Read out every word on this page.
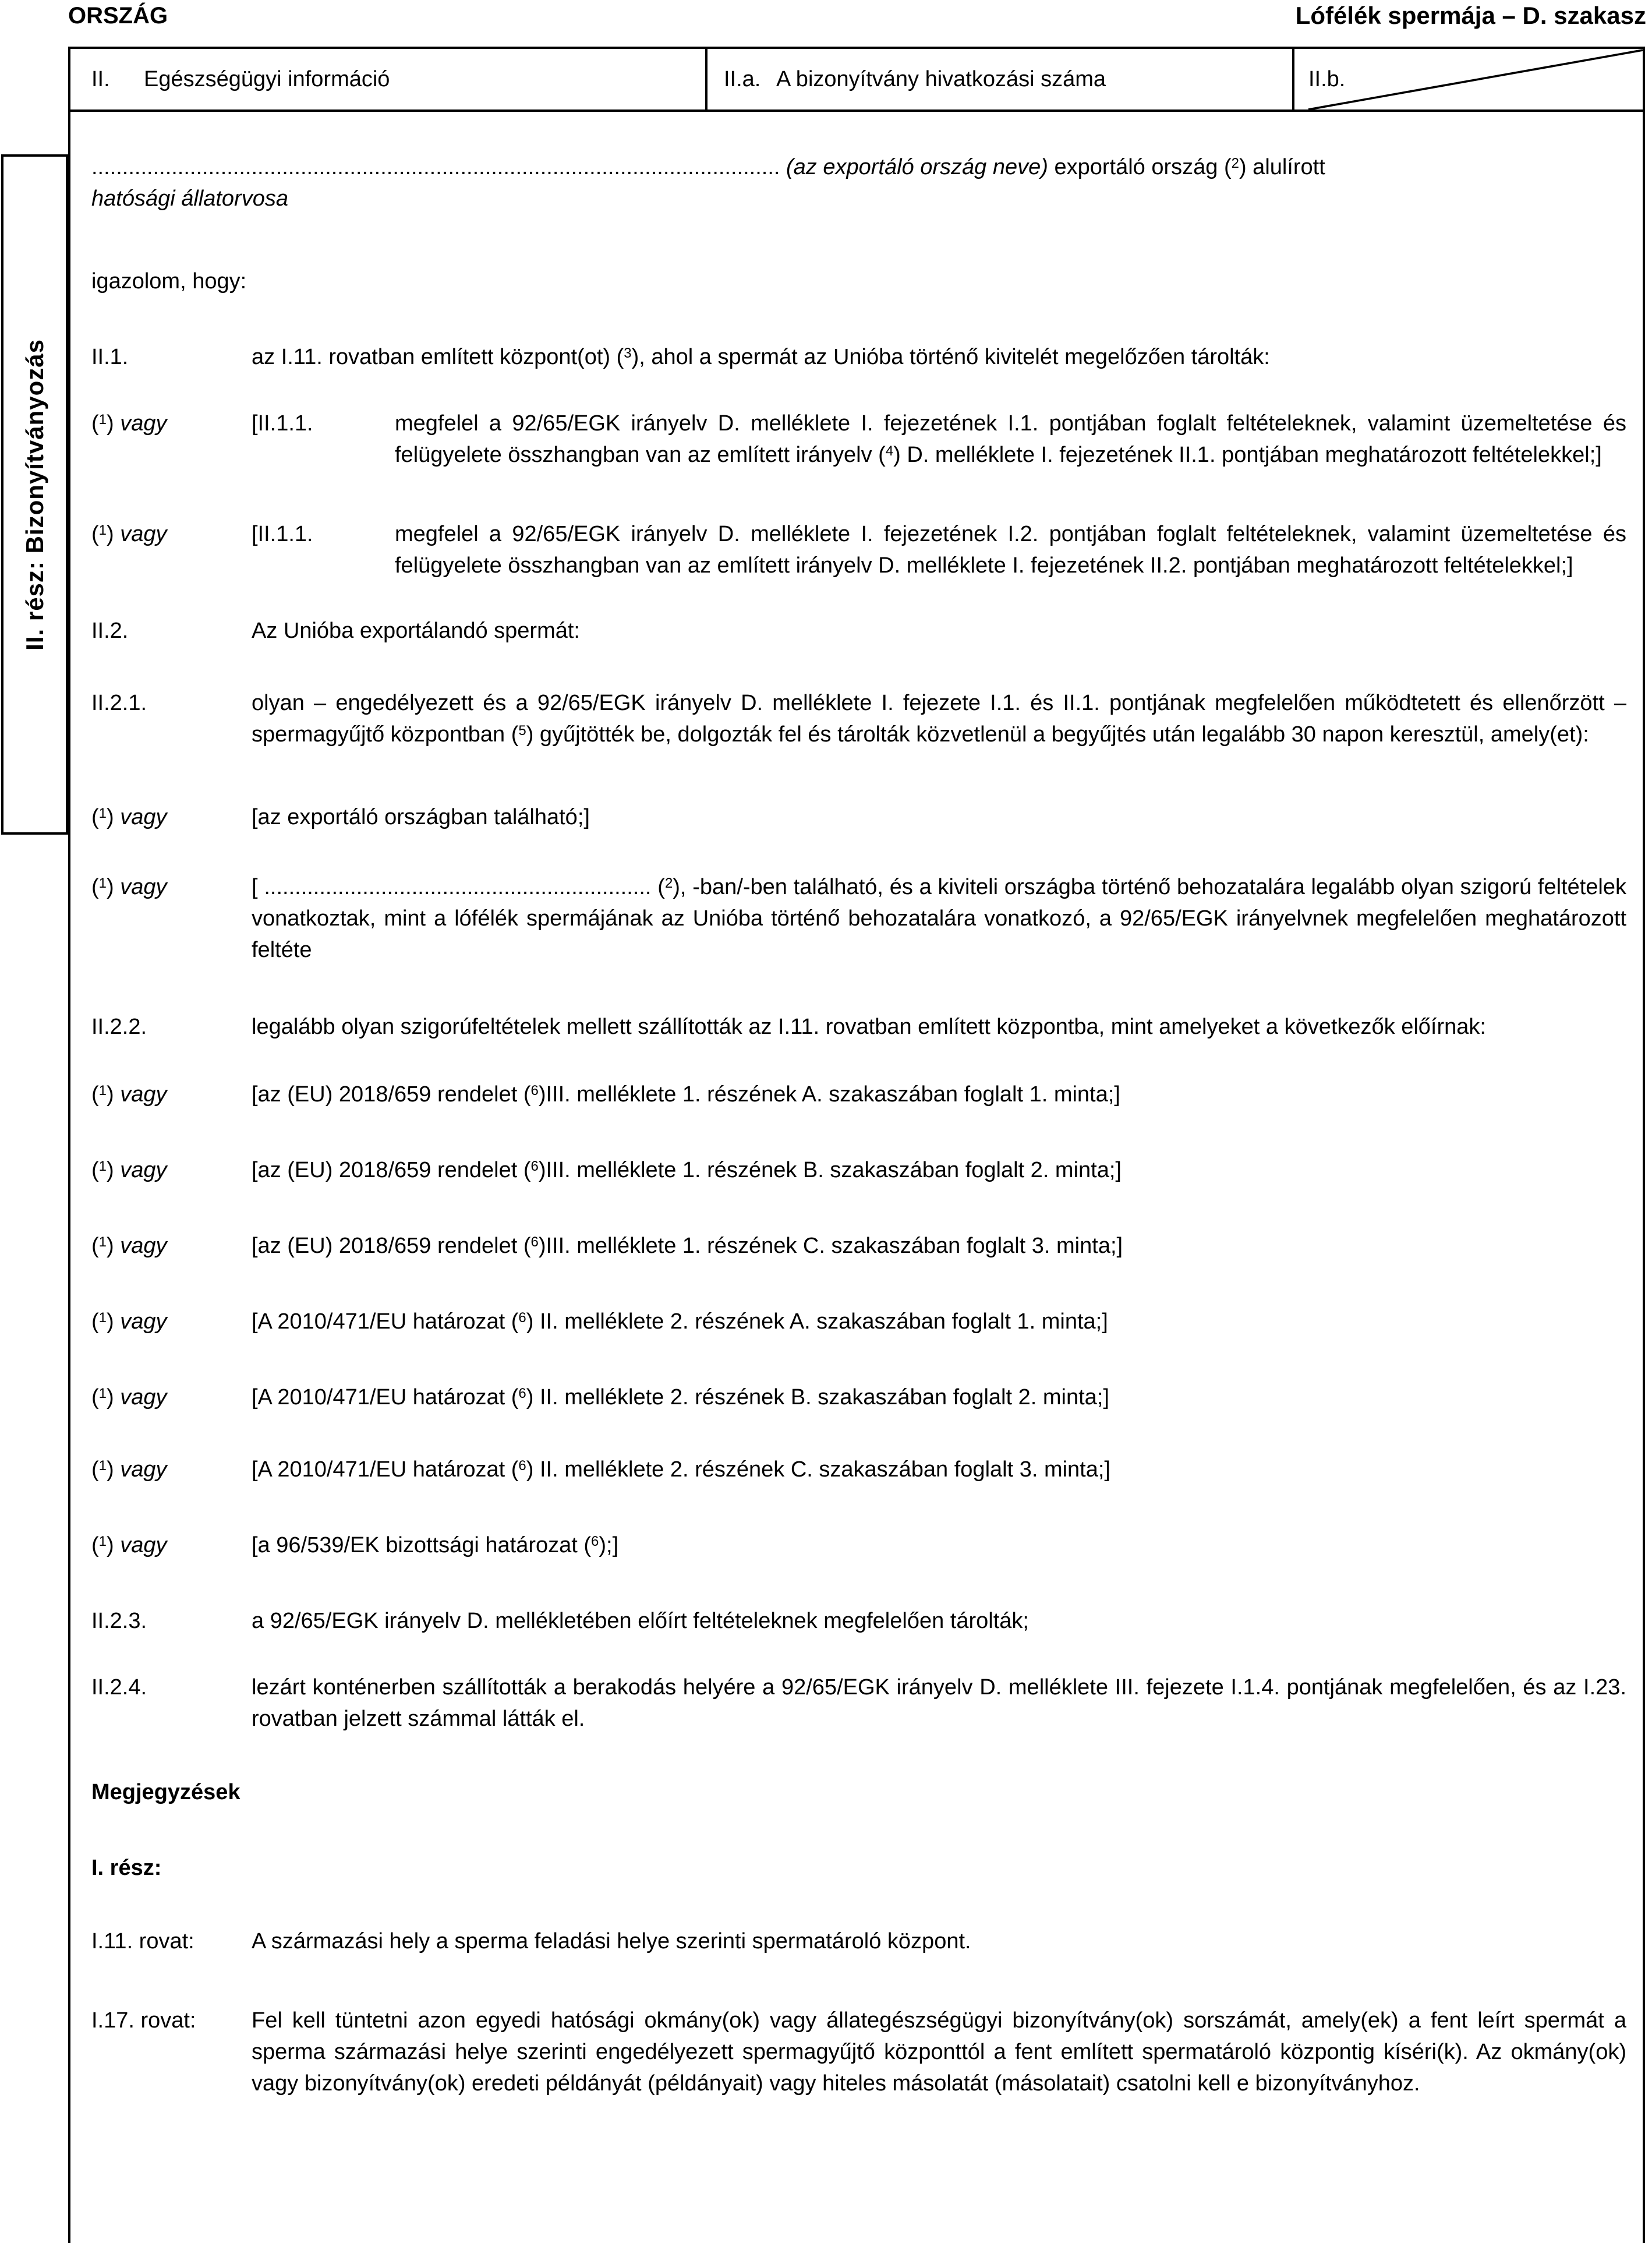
ORSZÁG	Lófélék spermája – D. szakasz
II. rész: Bizonyítványozás
II.	Egészségügyi információ	II.a. A bizonyítvány hivatkozási száma	II.b.
................................................................................................................ (az exportáló ország neve) exportáló ország ($^2$) alulírott
hatósági állatorvosa
igazolom, hogy:
II.1.	az I.11. rovatban említett központ(ot) ($^3$), ahol a spermát az Unióba történő kivitelét megelőzően tárolták:
($^1$) vagy	[II.1.1.	megfelel a 92/65/EGK irányelv D. melléklete I. fejezetének I.1. pontjában foglalt feltételeknek, valamint üzemeltetése és felügyelete összhangban van az említett irányelv ($^4$) D. melléklete I. fejezetének II.1. pontjában meghatározott feltételekkel;]
($^1$) vagy	[II.1.1.	megfelel a 92/65/EGK irányelv D. melléklete I. fejezetének I.2. pontjában foglalt feltételeknek, valamint üzemeltetése és felügyelete összhangban van az említett irányelv D. melléklete I. fejezetének II.2. pontjában meghatározott feltételekkel;]
II.2.	Az Unióba exportálandó spermát:
II.2.1.	olyan – engedélyezett és a 92/65/EGK irányelv D. melléklete I. fejezete I.1. és II.1. pontjának megfelelően működtetett és ellenőrzött – spermagyűjtő központban ($^5$) gyűjtötték be, dolgozták fel és tárolták közvetlenül a begyűjtés után legalább 30 napon keresztül, amely(et):
($^1$) vagy	[az exportáló országban található;]
($^1$) vagy	[ ............................................................... ($^2$), -ban/-ben található, és a kiviteli országba történő behozatalára legalább olyan szigorú feltételek vonatkoztak, mint a lófélék spermájának az Unióba történő behozatalára vonatkozó, a 92/65/EGK irányelvnek megfelelően meghatározott feltéte
II.2.2.	legalább olyan szigorúfeltételek mellett szállították az I.11. rovatban említett központba, mint amelyeket a következők előírnak:
($^1$) vagy	[az (EU) 2018/659 rendelet ($^6$)III. melléklete 1. részének A. szakaszában foglalt 1. minta;]
($^1$) vagy	[az (EU) 2018/659 rendelet ($^6$)III. melléklete 1. részének B. szakaszában foglalt 2. minta;]
($^1$) vagy	[az (EU) 2018/659 rendelet ($^6$)III. melléklete 1. részének C. szakaszában foglalt 3. minta;]
($^1$) vagy	[A 2010/471/EU határozat ($^6$) II. melléklete 2. részének A. szakaszában foglalt 1. minta;]
($^1$) vagy	[A 2010/471/EU határozat ($^6$) II. melléklete 2. részének B. szakaszában foglalt 2. minta;]
($^1$) vagy	[A 2010/471/EU határozat ($^6$) II. melléklete 2. részének C. szakaszában foglalt 3. minta;]
($^1$) vagy	[a 96/539/EK bizottsági határozat ($^6$);]
II.2.3.	a 92/65/EGK irányelv D. mellékletében előírt feltételeknek megfelelően tárolták;
II.2.4.	lezárt konténerben szállították a berakodás helyére a 92/65/EGK irányelv D. melléklete III. fejezete I.1.4. pontjának megfelelően, és az I.23. rovatban jelzett számmal látták el.
Megjegyzések
I. rész:
I.11. rovat:	A származási hely a sperma feladási helye szerinti spermatároló központ.
I.17. rovat:	Fel kell tüntetni azon egyedi hatósági okmány(ok) vagy állategészségügyi bizonyítvány(ok) sorszámát, amely(ek) a fent leírt spermát a sperma származási helye szerinti engedélyezett spermagyűjtő központtól a fent említett spermatároló központig kíséri(k). Az okmány(ok) vagy bizonyítvány(ok) eredeti példányát (példányait) vagy hiteles másolatát (másolatait) csatolni kell e bizonyítványhoz.
